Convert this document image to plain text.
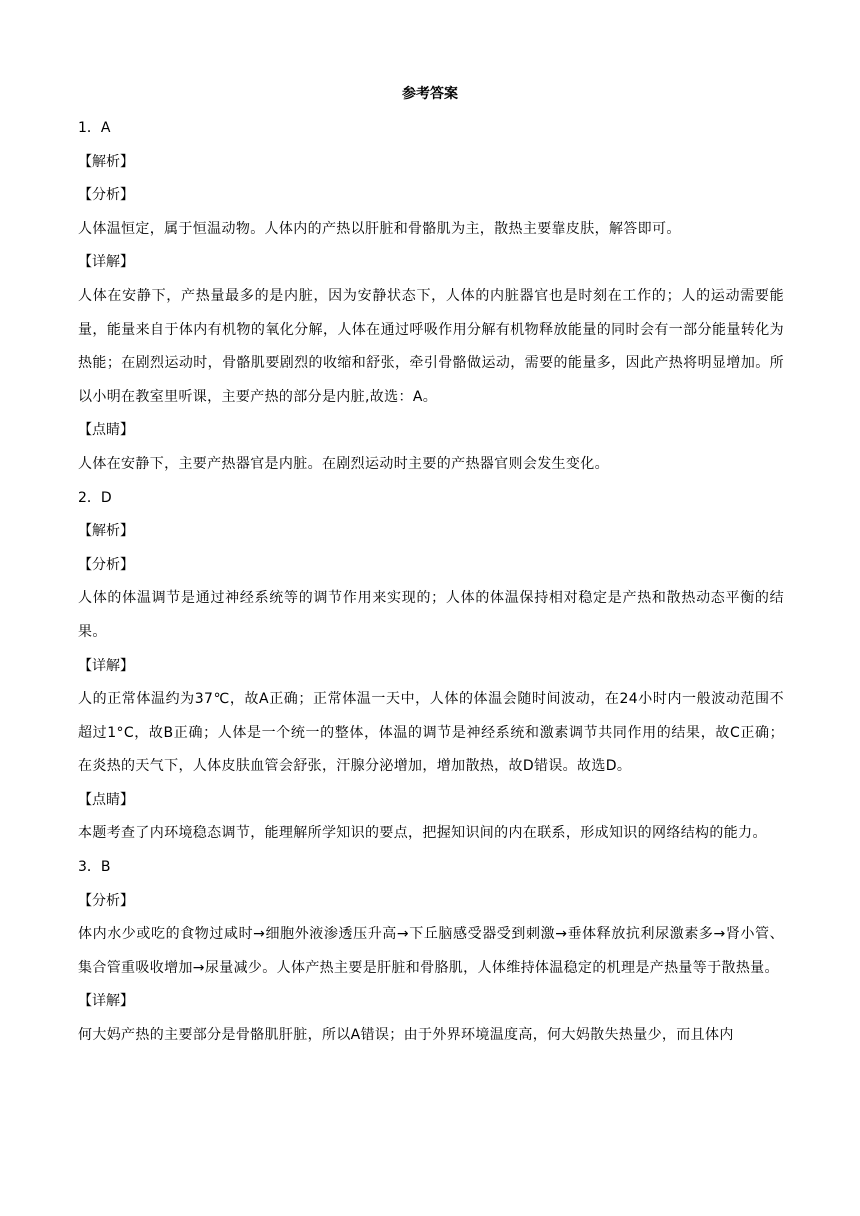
参考答案
1．A
【解析】
【分析】
人体温恒定，属于恒温动物。人体内的产热以肝脏和骨骼肌为主，散热主要靠皮肤，解答即可。
【详解】
人体在安静下，产热量最多的是内脏，因为安静状态下，人体的内脏器官也是时刻在工作的；人的运动需要能量，能量来自于体内有机物的氧化分解，人体在通过呼吸作用分解有机物释放能量的同时会有一部分能量转化为热能；在剧烈运动时，骨骼肌要剧烈的收缩和舒张，牵引骨骼做运动，需要的能量多，因此产热将明显增加。所以小明在教室里听课，主要产热的部分是内脏,故选：A。
【点睛】
人体在安静下，主要产热器官是内脏。在剧烈运动时主要的产热器官则会发生变化。
2．D
【解析】
【分析】
人体的体温调节是通过神经系统等的调节作用来实现的；人体的体温保持相对稳定是产热和散热动态平衡的结果。
【详解】
人的正常体温约为37℃，故A正确；正常体温一天中，人体的体温会随时间波动，在24小时内一般波动范围不超过1°C，故B正确；人体是一个统一的整体，体温的调节是神经系统和激素调节共同作用的结果，故C正确；在炎热的天气下，人体皮肤血管会舒张，汗腺分泌增加，增加散热，故D错误。故选D。
【点睛】
本题考查了内环境稳态调节，能理解所学知识的要点，把握知识间的内在联系，形成知识的网络结构的能力。
3．B
【分析】
体内水少或吃的食物过咸时→细胞外液渗透压升高→下丘脑感受器受到刺激→垂体释放抗利尿激素多→肾小管、集合管重吸收增加→尿量减少。人体产热主要是肝脏和骨胳肌，人体维持体温稳定的机理是产热量等于散热量。
【详解】
何大妈产热的主要部分是骨骼肌肝脏，所以A错误；由于外界环境温度高，何大妈散失热量少，而且体内
